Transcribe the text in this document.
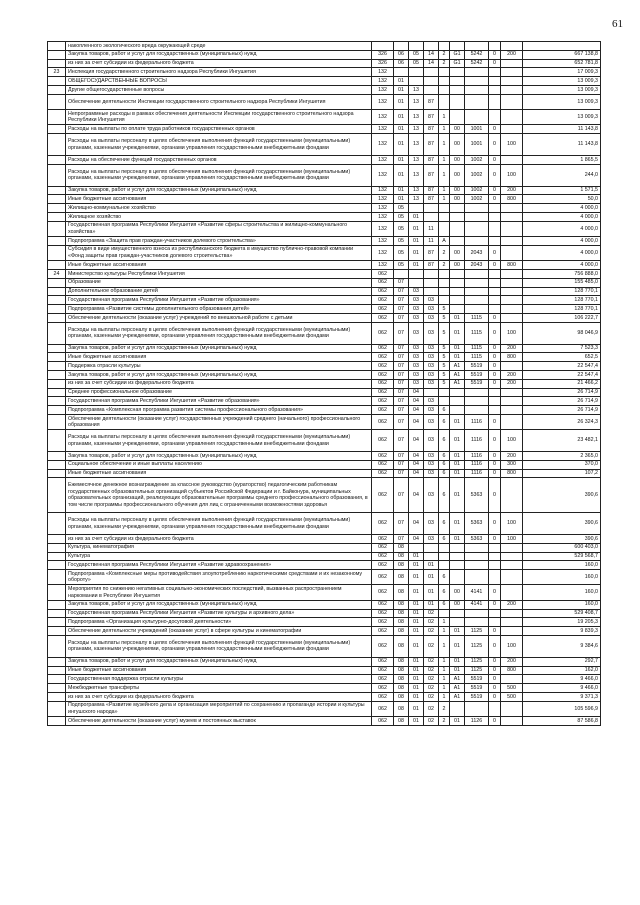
61
	накопленного экологического вреда окружающей среде										
	Закупка товаров, работ и услуг для государственных (муниципальных) нужд	326	06	05	14	2	G1	5242	0	200	667 138,8
	из них за счет субсидии из федерального бюджета	326	06	05	14	2	G1	5242	0		652 781,8
23	Инспекция государственного строительного надзора Республики Ингушетия	132									17 009,3
	ОБЩЕГОСУДАРСТВЕННЫЕ ВОПРОСЫ	132	01								13 009,3
	Другие общегосударственные вопросы	132	01	13							13 009,3
	Обеспечение деятельности Инспекции государственного строительного надзора Республики Ингушетия	132	01	13	87						13 009,3
	Непрограммные расходы в рамках обеспечения деятельности Инспекции государственного строительного надзора Республики Ингушетия	132	01	13	87	1					13 009,3
	Расходы на выплаты по оплате труда работников государственных органов	132	01	13	87	1	00	1001	0		11 143,8
	Расходы на выплаты персоналу в целях обеспечения выполнения функций государственными (муниципальными) органами, казенными учреждениями, органами управления государственными внебюджетными фондами	132	01	13	87	1	00	1001	0	100	11 143,8
	Расходы на обеспечение функций государственных органов	132	01	13	87	1	00	1002	0		1 865,5
	Расходы на выплаты персоналу в целях обеспечения выполнения функций государственными (муниципальными) органами, казенными учреждениями, органами управления государственными внебюджетными фондами	132	01	13	87	1	00	1002	0	100	244,0
	Закупка товаров, работ и услуг для государственных (муниципальных) нужд	132	01	13	87	1	00	1002	0	200	1 571,5
	Иные бюджетные ассигнования	132	01	13	87	1	00	1002	0	800	50,0
	Жилищно-коммунальное хозяйство	132	05								4 000,0
	Жилищное хозяйство	132	05	01							4 000,0
	Государственная программа Республики Ингушетия «Развитие сферы строительства и жилищно-коммунального хозяйства»	132	05	01	11						4 000,0
	Подпрограмма «Защита прав граждан-участников долевого строительства»	132	05	01	11	А					4 000,0
	Субсидия в виде имущественного взноса из республиканского бюджета в имущество публично-правовой компании «Фонд защиты прав граждан-участников долевого строительства»	132	05	01	87	2	00	2043	0		4 000,0
	Иные бюджетные ассигнования	132	05	01	87	2	00	2043	0	800	4 000,0
24	Министерство культуры Республики Ингушетия	062									756 888,0
	Образование	062	07								155 485,0
	Дополнительное образование детей	062	07	03							128 770,1
	Государственная программа Республики Ингушетия «Развитие образования»	062	07	03	03						128 770,1
	Подпрограмма «Развитие системы дополнительного образования детей»	062	07	03	03	5					128 770,1
	Обеспечение деятельности (оказание услуг) учреждений по внешкольной работе с детьми	062	07	03	03	5	01	1115	0		106 222,7
	Расходы на выплаты персоналу в целях обеспечения выполнения функций государственными (муниципальными) органами, казенными учреждениями, органами управления государственными внебюджетными фондами	062	07	03	03	5	01	1115	0	100	98 046,9
	Закупка товаров, работ и услуг для государственных (муниципальных) нужд	062	07	03	03	5	01	1115	0	200	7 523,3
	Иные бюджетные ассигнования	062	07	03	03	5	01	1115	0	800	652,5
	Поддержка отрасли культуры	062	07	03	03	5	A1	5519	0		22 547,4
	Закупка товаров, работ и услуг для государственных (муниципальных) нужд	062	07	03	03	5	A1	5519	0	200	22 547,4
	из них за счет субсидии из федерального бюджета	062	07	03	03	5	A1	5519	0	200	21 466,2
	Среднее профессиональное образование	062	07	04							26 714,9
	Государственная программа Республики Ингушетия «Развитие образования»	062	07	04	03						26 714,9
	Подпрограмма «Комплексная программа развития системы профессионального образования»	062	07	04	03	6					26 714,9
	Обеспечение деятельности (оказание услуг) государственных учреждений среднего (начального) профессионального образования	062	07	04	03	6	01	1116	0		26 324,3
	Расходы на выплаты персоналу в целях обеспечения выполнения функций государственными (муниципальными) органами, казенными учреждениями, органами управления государственными внебюджетными фондами	062	07	04	03	6	01	1116	0	100	23 482,1
	Закупка товаров, работ и услуг для государственных (муниципальных) нужд	062	07	04	03	6	01	1116	0	200	2 365,0
	Социальное обеспечение и иные выплаты населению	062	07	04	03	6	01	1116	0	300	370,0
	Иные бюджетные ассигнования	062	07	04	03	6	01	1116	0	800	107,2
	Ежемесячное денежное вознаграждение за классное руководство (кураторство) педагогическим работникам государственных образовательных организаций субъектов Российской Федерации и г. Байконура, муниципальных образовательных организаций, реализующих образовательные программы среднего профессионального образования, в том числе программы профессионального обучения для лиц с ограниченными возможностями здоровья	062	07	04	03	6	01	5363	0		390,6
	Расходы на выплаты персоналу в целях обеспечения выполнения функций государственными (муниципальными) органами, казенными учреждениями, органами управления государственными внебюджетными фондами	062	07	04	03	6	01	5363	0	100	390,6
	из них за счет субсидии из федерального бюджета	062	07	04	03	6	01	5363	0	100	390,6
	Культура, кинематография	062	08								600 403,0
	Культура	062	08	01							529 568,7
	Государственная программа Республики Ингушетия «Развитие здравоохранения»	062	08	01	01						160,0
	Подпрограмма «Комплексные меры противодействия злоупотреблению наркотическими средствами и их незаконному обороту»	062	08	01	01	6					160,0
	Мероприятия по снижению негативных социально-экономических последствий, вызванных распространением наркомании в Республике Ингушетия	062	08	01	01	6	00	4141	0		160,0
	Закупка товаров, работ и услуг для государственных (муниципальных) нужд	062	08	01	01	6	00	4141	0	200	160,0
	Государственная программа Республики Ингушетия «Развитие культуры и архивного дела»	062	08	01	02						529 408,7
	Подпрограмма «Организация культурно-досуговой деятельности»	062	08	01	02	1					19 205,3
	Обеспечение деятельности учреждений (оказание услуг) в сфере культуры и кинематографии	062	08	01	02	1	01	1125	0		9 839,3
	Расходы на выплаты персоналу в целях обеспечения выполнения функций государственными (муниципальными) органами, казенными учреждениями, органами управления государственными внебюджетными фондами	062	08	01	02	1	01	1125	0	100	9 384,6
	Закупка товаров, работ и услуг для государственных (муниципальных) нужд	062	08	01	02	1	01	1125	0	200	292,7
	Иные бюджетные ассигнования	062	08	01	02	1	01	1125	0	800	162,0
	Государственная поддержка отрасли культуры	062	08	01	02	1	A1	5519	0		9 466,0
	Межбюджетные трансферты	062	08	01	02	1	A1	5519	0	500	9 466,0
	из них за счет субсидии из федерального бюджета	062	08	01	02	1	A1	5519	0	500	9 371,3
	Подпрограмма «Развитие музейного дела и организация мероприятий по сохранению и пропаганде истории и культуры ингушского народа»	062	08	01	02	2					105 596,9
	Обеспечение деятельности (оказание услуг) музеев и постоянных выставок	062	08	01	02	2	01	1126	0		87 586,8
